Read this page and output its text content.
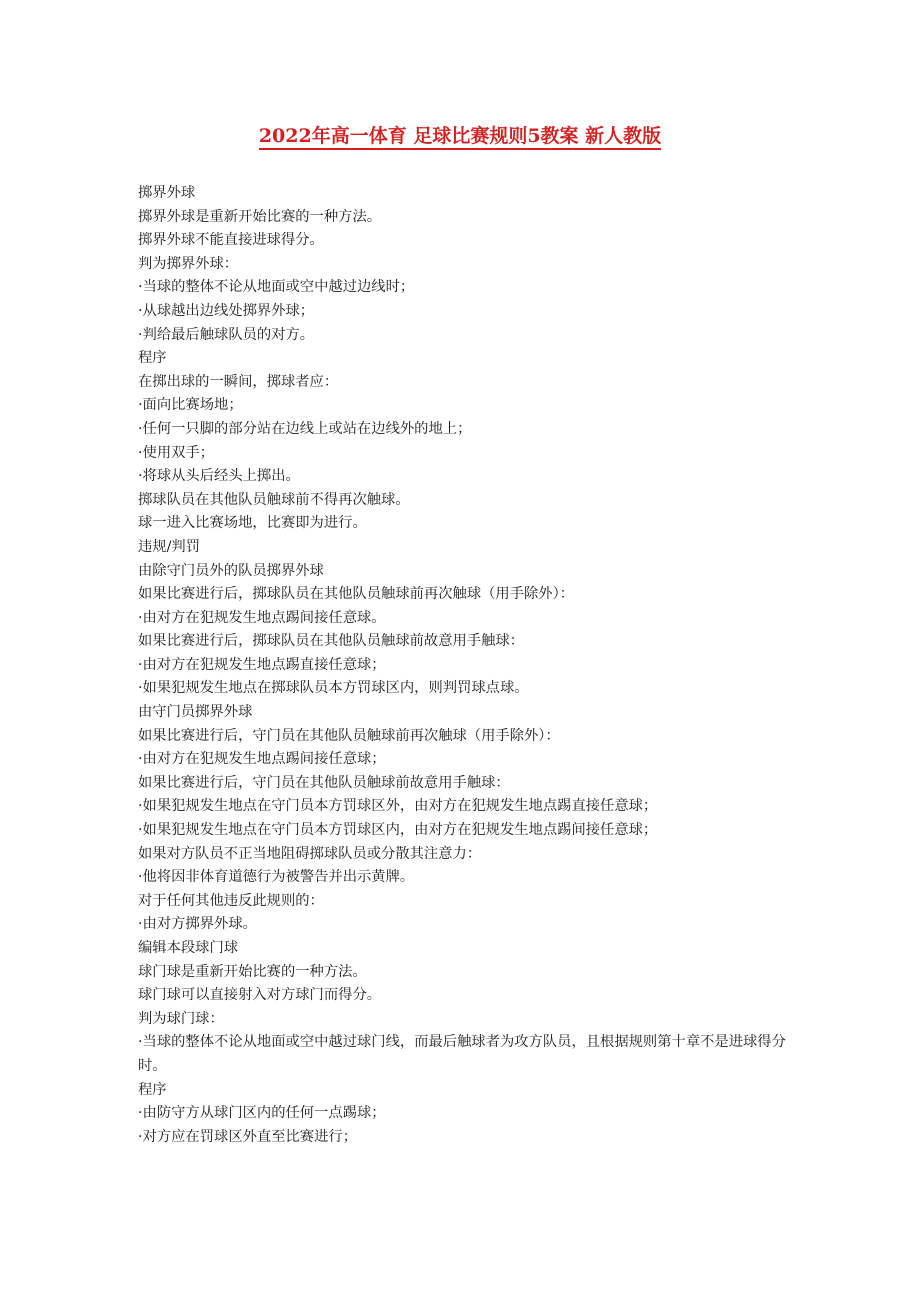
2022年高一体育 足球比赛规则5教案 新人教版
掷界外球
掷界外球是重新开始比赛的一种方法。
掷界外球不能直接进球得分。
判为掷界外球：
·当球的整体不论从地面或空中越过边线时；
·从球越出边线处掷界外球；
·判给最后触球队员的对方。
程序
在掷出球的一瞬间，掷球者应：
·面向比赛场地；
·任何一只脚的部分站在边线上或站在边线外的地上；
·使用双手；
·将球从头后经头上掷出。
掷球队员在其他队员触球前不得再次触球。
球一进入比赛场地，比赛即为进行。
违规/判罚
由除守门员外的队员掷界外球
如果比赛进行后，掷球队员在其他队员触球前再次触球（用手除外）：
·由对方在犯规发生地点踢间接任意球。
如果比赛进行后，掷球队员在其他队员触球前故意用手触球：
·由对方在犯规发生地点踢直接任意球；
·如果犯规发生地点在掷球队员本方罚球区内，则判罚球点球。
由守门员掷界外球
如果比赛进行后，守门员在其他队员触球前再次触球（用手除外）：
·由对方在犯规发生地点踢间接任意球；
如果比赛进行后，守门员在其他队员触球前故意用手触球：
·如果犯规发生地点在守门员本方罚球区外，由对方在犯规发生地点踢直接任意球；
·如果犯规发生地点在守门员本方罚球区内，由对方在犯规发生地点踢间接任意球；
如果对方队员不正当地阻碍掷球队员或分散其注意力：
·他将因非体育道德行为被警告并出示黄牌。
对于任何其他违反此规则的：
·由对方掷界外球。
编辑本段球门球
球门球是重新开始比赛的一种方法。
球门球可以直接射入对方球门而得分。
判为球门球：
·当球的整体不论从地面或空中越过球门线，而最后触球者为攻方队员，且根据规则第十章不是进球得分时。
程序
·由防守方从球门区内的任何一点踢球；
·对方应在罚球区外直至比赛进行；
